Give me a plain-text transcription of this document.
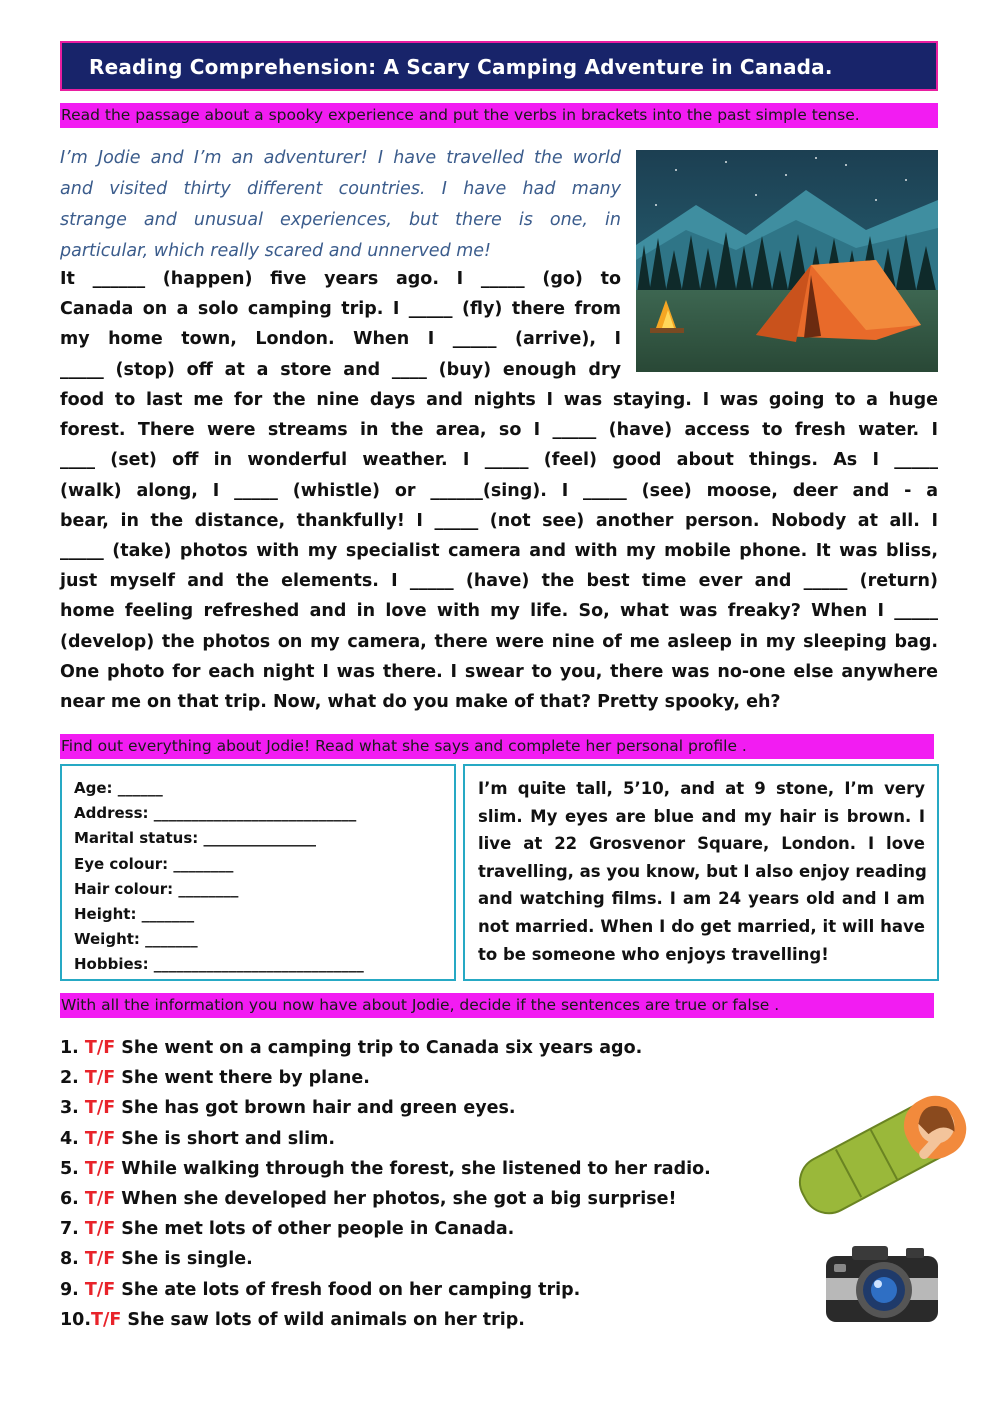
Reading Comprehension: A Scary Camping Adventure in Canada.
Read the passage about a spooky experience and put the verbs in brackets into the past simple tense.

I’m Jodie and I’m an adventurer! I have travelled the world

and visited thirty different countries. I have had many

strange and unusual experiences, but there is one, in

particular, which really scared and unnerved me!

It ______ (happen) five years ago. I _____ (go) to

Canada on a solo camping trip. I _____ (fly) there from

my home town, London. When I _____ (arrive), I

_____ (stop) off at a store and ____ (buy) enough dry

food to last me for the nine days and nights I was staying. I was going to a huge

forest. There were streams in the area, so I _____ (have) access to fresh water. I

____ (set) off in wonderful weather. I _____ (feel) good about things. As I _____

(walk) along, I _____ (whistle) or ______(sing). I _____ (see) moose, deer and - a

bear, in the distance, thankfully! I _____ (not see) another person. Nobody at all. I

_____ (take) photos with my specialist camera and with my mobile phone. It was bliss,

just myself and the elements. I _____ (have) the best time ever and _____ (return)

home feeling refreshed and in love with my life. So, what was freaky? When I _____

(develop) the photos on my camera, there were nine of me asleep in my sleeping bag.

One photo for each night I was there. I swear to you, there was no-one else anywhere

near me on that trip. Now, what do you make of that? Pretty spooky, eh?

Find out everything about Jodie! Read what she says and complete her personal profile .
Age: ______
Address: ___________________________
Marital status: _______________
Eye colour: ________
Hair colour: ________
Height: _______
Weight: _______
Hobbies: ____________________________

I’m quite tall, 5’10, and at 9 stone, I’m very

slim. My eyes are blue and my hair is brown. I

live at 22 Grosvenor Square, London. I love

travelling, as you know, but I also enjoy reading

and watching films. I am 24 years old and I am

not married. When I do get married, it will have

to be someone who enjoys travelling!

With all the information you now have about Jodie, decide if the sentences are true or false .
1. T/F She went on a camping trip to Canada six years ago.
2. T/F She went there by plane.
3. T/F She has got brown hair and green eyes.
4. T/F She is short and slim.
5. T/F While walking through the forest, she listened to her radio.
6. T/F When she developed her photos, she got a big surprise!
7. T/F She met lots of other people in Canada.
8. T/F She is single.
9. T/F She ate lots of fresh food on her camping trip.
10.T/F She saw lots of wild animals on her trip.
